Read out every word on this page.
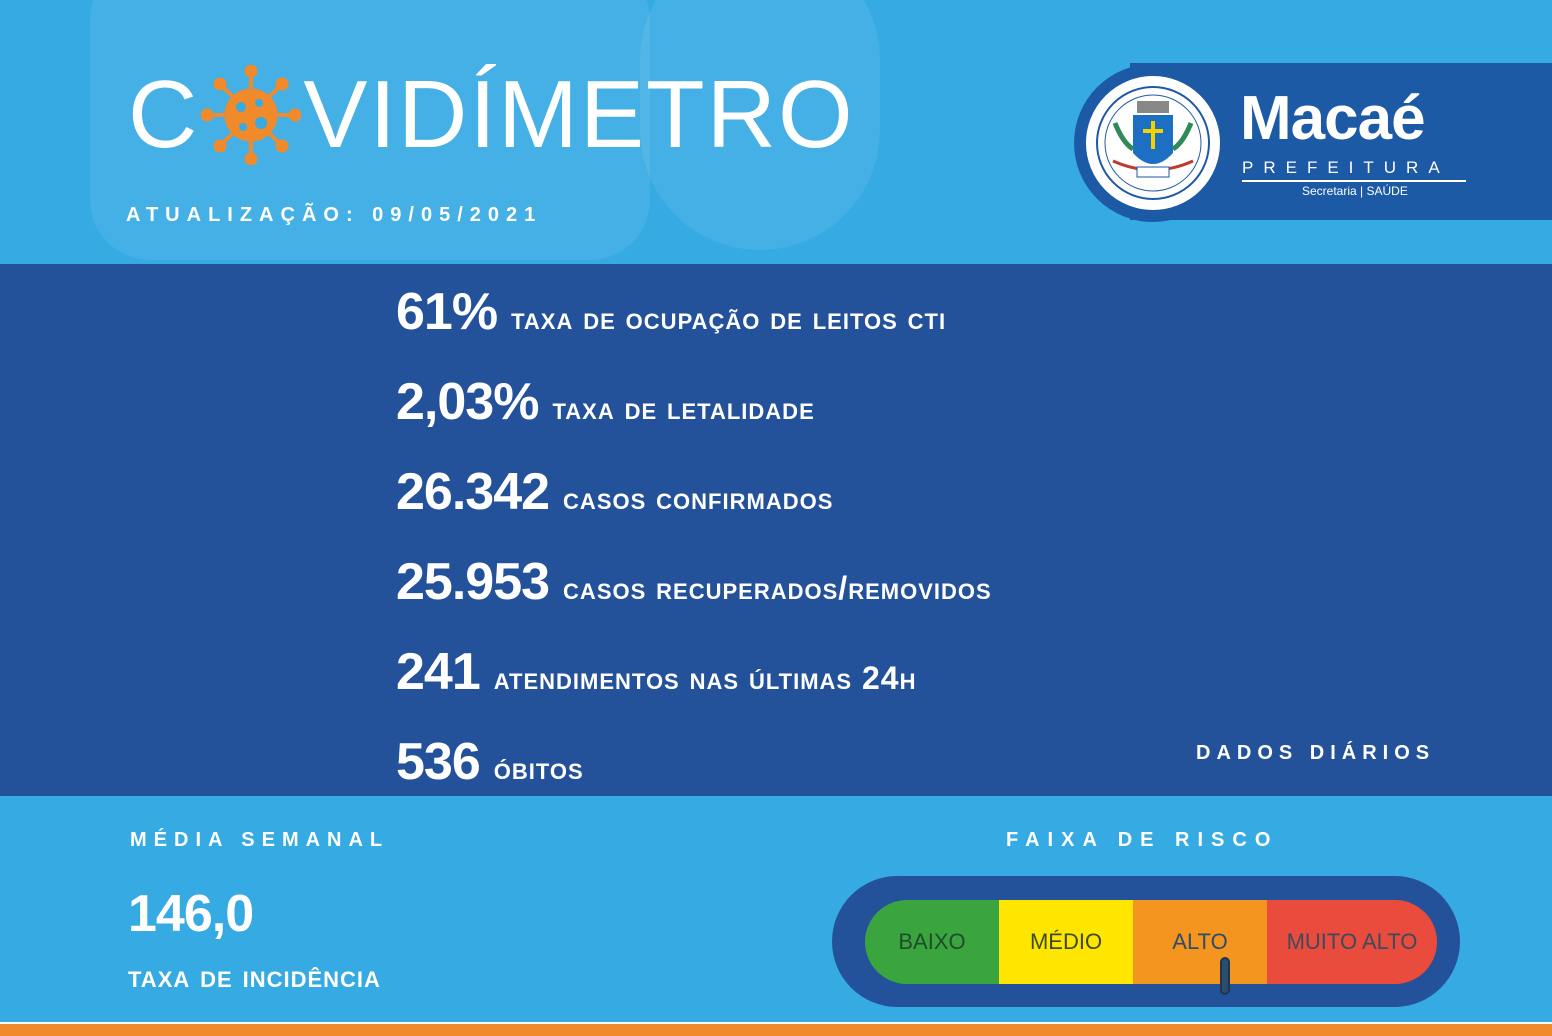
C VIDÍMETRO
ATUALIZAÇÃO: 09/05/2021
Macaé
PREFEITURA
Secretaria | SAÚDE
61% taxa de ocupação de leitos cti
2,03% taxa de letalidade
26.342 casos confirmados
25.953 casos recuperados/removidos
241 atendimentos nas últimas 24h
536 óbitos	DADOS DIÁRIOS
MÉDIA SEMANAL
146,0
taxa de incidência
FAIXA DE RISCO
BAIXO	MÉDIO	ALTO	MUITO ALTO
